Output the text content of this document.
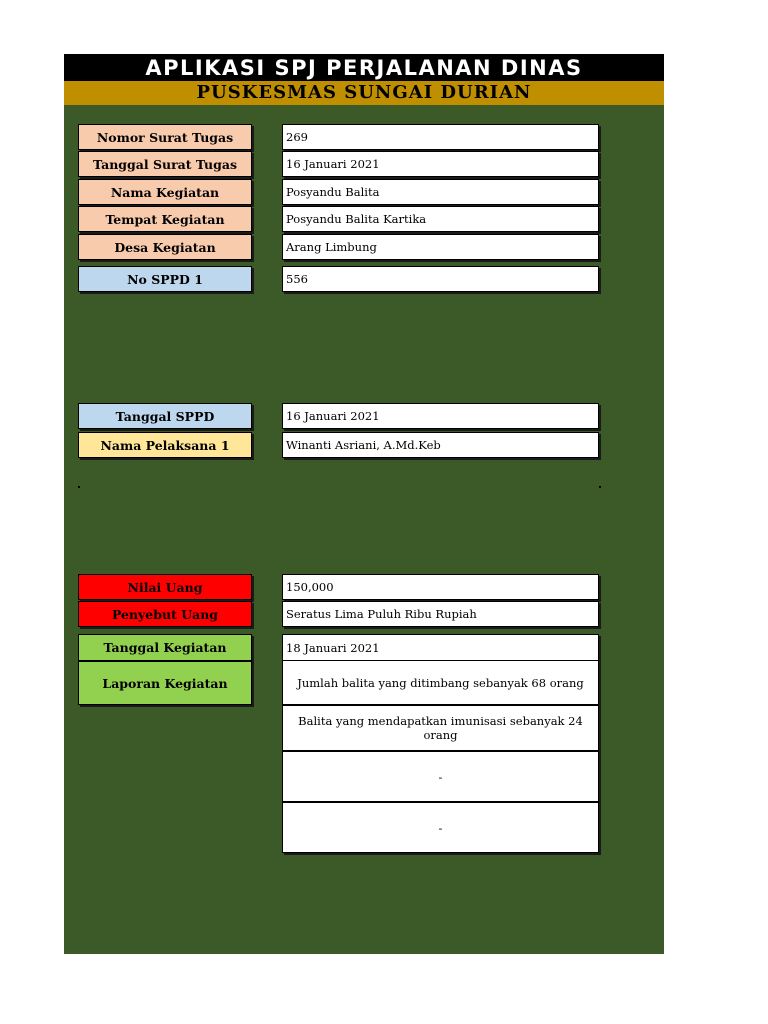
APLIKASI SPJ PERJALANAN DINAS
PUSKESMAS SUNGAI DURIAN
Nomor Surat Tugas	269
Tanggal Surat Tugas	16 Januari 2021
Nama Kegiatan	Posyandu Balita
Tempat Kegiatan	Posyandu Balita Kartika
Desa Kegiatan	Arang Limbung
No SPPD 1	556
Tanggal SPPD	16 Januari 2021
Nama Pelaksana 1	Winanti Asriani, A.Md.Keb
Nilai Uang	150,000
Penyebut Uang	Seratus Lima Puluh Ribu Rupiah
Tanggal Kegiatan	18 Januari 2021
Laporan Kegiatan	Jumlah balita yang ditimbang sebanyak 68 orang
Balita yang mendapatkan imunisasi sebanyak 24 orang
-
-
